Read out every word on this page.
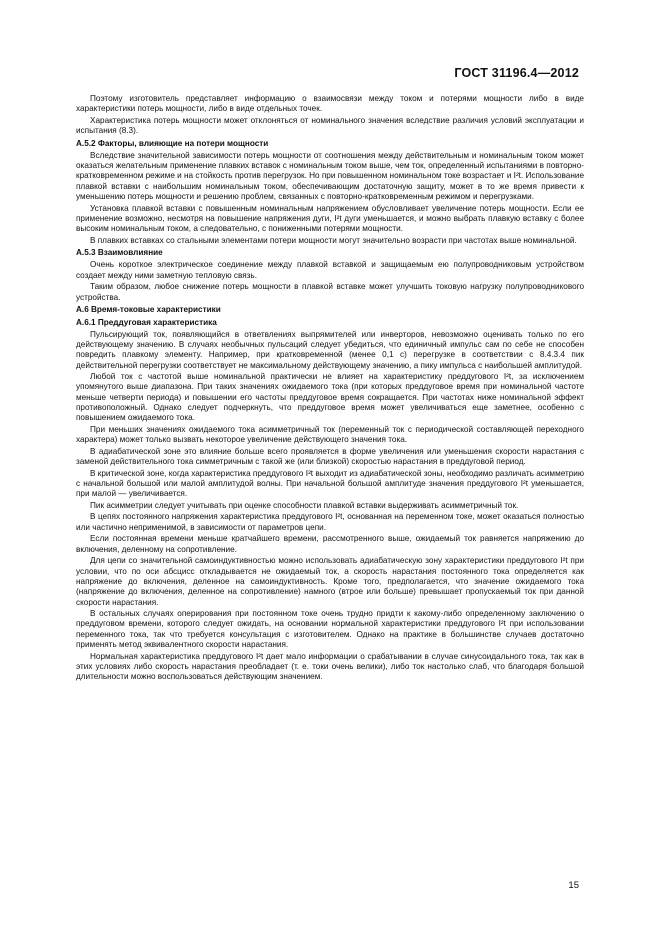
ГОСТ 31196.4—2012

Поэтому изготовитель представляет информацию о взаимосвязи между током и потерями мощности либо в виде характеристики потерь мощности, либо в виде отдельных точек.

Характеристика потерь мощности может отклоняться от номинального значения вследствие различия условий эксплуатации и испытания (8.3).

А.5.2 Факторы, влияющие на потери мощности

Вследствие значительной зависимости потерь мощности от соотношения между действительным и номинальным током может оказаться желательным применение плавких вставок с номинальным током выше, чем ток, определенный испытаниями в повторно-кратковременном режиме и на стойкость против перегрузок. Но при повышенном номинальном токе возрастает и I²t. Использование плавкой вставки с наибольшим номинальным током, обеспечивающим достаточную защиту, может в то же время привести к уменьшению потерь мощности и решению проблем, связанных с повторно-кратковременным режимом и перегрузками.

Установка плавкой вставки с повышенным номинальным напряжением обусловливает увеличение потерь мощности. Если ее применение возможно, несмотря на повышение напряжения дуги, I²t дуги уменьшается, и можно выбрать плавкую вставку с более высоким номинальным током, а следовательно, с пониженными потерями мощности.

В плавких вставках со стальными элементами потери мощности могут значительно возрасти при частотах выше номинальной.

А.5.3 Взаимовлияние

Очень короткое электрическое соединение между плавкой вставкой и защищаемым ею полупроводниковым устройством создает между ними заметную тепловую связь.

Таким образом, любое снижение потерь мощности в плавкой вставке может улучшить токовую нагрузку полупроводникового устройства.

А.6 Время-токовые характеристики
А.6.1 Преддуговая характеристика

Пульсирующий ток, появляющийся в ответвлениях выпрямителей или инверторов, невозможно оценивать только по его действующему значению. В случаях необычных пульсаций следует убедиться, что единичный импульс сам по себе не способен повредить плавкому элементу. Например, при кратковременной (менее 0,1 с) перегрузке в соответствии с 8.4.3.4 пик действительной перегрузки соответствует не максимальному действующему значению, а пику импульса с наибольшей амплитудой.

Любой ток с частотой выше номинальной практически не влияет на характеристику преддугового I²t, за исключением упомянутого выше диапазона. При таких значениях ожидаемого тока (при которых преддуговое время при номинальной частоте меньше четверти периода) и повышении его частоты преддуговое время сокращается. При частотах ниже номинальной эффект противоположный. Однако следует подчеркнуть, что преддуговое время может увеличиваться еще заметнее, особенно с повышением ожидаемого тока.

При меньших значениях ожидаемого тока асимметричный ток (переменный ток с периодической составляющей переходного характера) может только вызвать некоторое увеличение действующего значения тока.

В адиабатической зоне это влияние больше всего проявляется в форме увеличения или уменьшения скорости нарастания с заменой действительного тока симметричным с такой же (или близкой) скоростью нарастания в преддуговой период.

В критической зоне, когда характеристика преддугового I²t выходит из адиабатической зоны, необходимо различать асимметрию с начальной большой или малой амплитудой волны. При начальной большой амплитуде значения преддугового I²t уменьшается, при малой — увеличивается.

Пик асимметрии следует учитывать при оценке способности плавкой вставки выдерживать асимметричный ток.

В цепях постоянного напряжения характеристика преддугового I²t, основанная на переменном токе, может оказаться полностью или частично неприменимой, в зависимости от параметров цепи.

Если постоянная времени меньше кратчайшего времени, рассмотренного выше, ожидаемый ток равняется напряжению до включения, деленному на сопротивление.

Для цепи со значительной самоиндуктивностью можно использовать адиабатическую зону характеристики преддугового I²t при условии, что по оси абсцисс откладывается не ожидаемый ток, а скорость нарастания постоянного тока определяется как напряжение до включения, деленное на самоиндуктивность. Кроме того, предполагается, что значение ожидаемого тока (напряжение до включения, деленное на сопротивление) намного (втрое или больше) превышает пропускаемый ток при данной скорости нарастания.

В остальных случаях оперирования при постоянном токе очень трудно придти к какому-либо определенному заключению о преддуговом времени, которого следует ожидать, на основании нормальной характеристики преддугового I²t при использовании переменного тока, так что требуется консультация с изготовителем. Однако на практике в большинстве случаев достаточно применять метод эквивалентного скорости нарастания.

Нормальная характеристика преддугового I²t дает мало информации о срабатывании в случае синусоидального тока, так как в этих условиях либо скорость нарастания преобладает (т. е. токи очень велики), либо ток настолько слаб, что благодаря большой длительности можно воспользоваться действующим значением.

15
